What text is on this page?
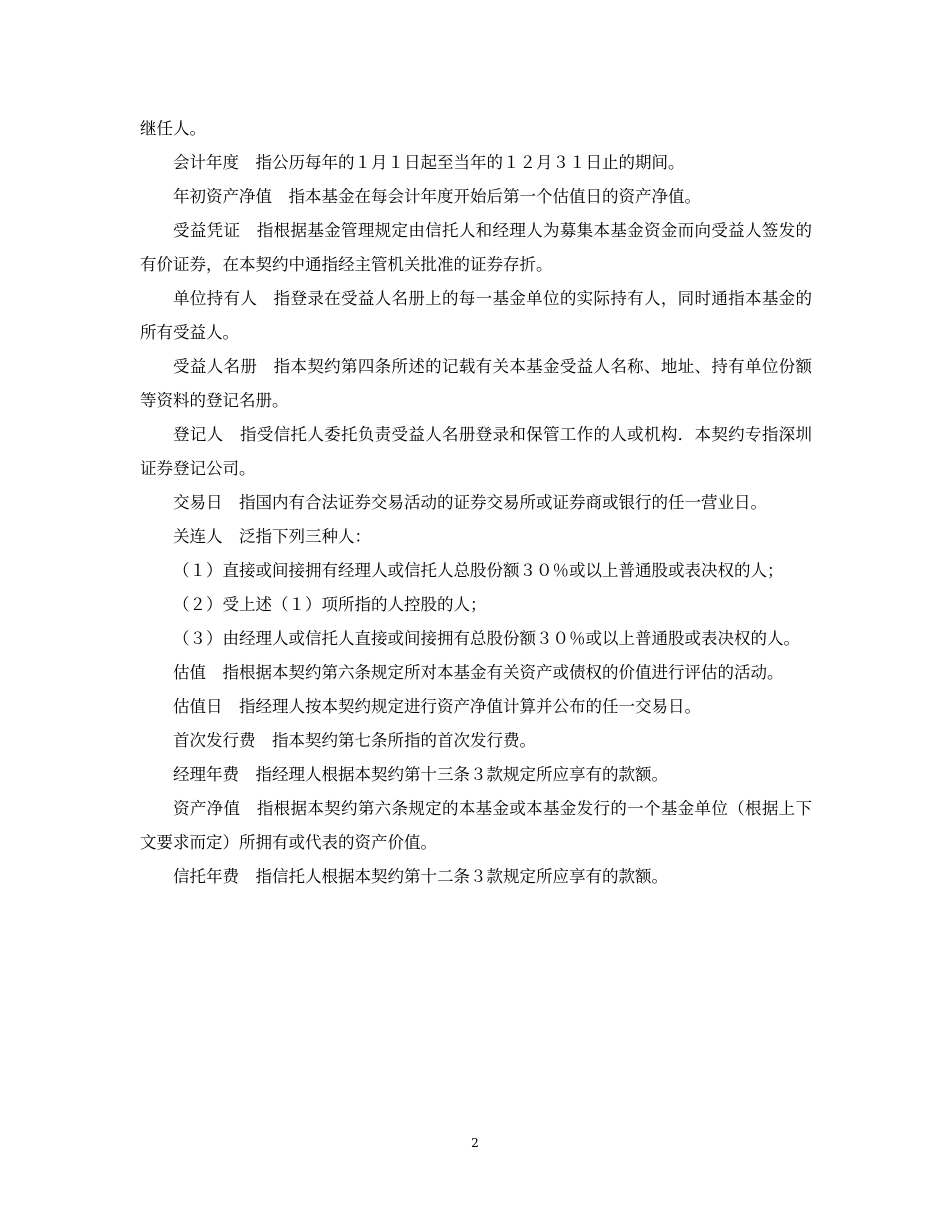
继任人。

会计年度 指公历每年的１月１日起至当年的１２月３１日止的期间。

年初资产净值 指本基金在每会计年度开始后第一个估值日的资产净值。

受益凭证 指根据基金管理规定由信托人和经理人为募集本基金资金而向受益人签发的有价证券，在本契约中通指经主管机关批准的证券存折。

单位持有人 指登录在受益人名册上的每一基金单位的实际持有人，同时通指本基金的所有受益人。

受益人名册 指本契约第四条所述的记载有关本基金受益人名称、地址、持有单位份额等资料的登记名册。

登记人 指受信托人委托负责受益人名册登录和保管工作的人或机构．本契约专指深圳证券登记公司。

交易日 指国内有合法证券交易活动的证券交易所或证券商或银行的任一营业日。

关连人 泛指下列三种人：

（１）直接或间接拥有经理人或信托人总股份额３０％或以上普通股或表决权的人；

（２）受上述（１）项所指的人控股的人；

（３）由经理人或信托人直接或间接拥有总股份额３０％或以上普通股或表决权的人。

估值 指根据本契约第六条规定所对本基金有关资产或债权的价值进行评估的活动。

估值日 指经理人按本契约规定进行资产净值计算并公布的任一交易日。

首次发行费 指本契约第七条所指的首次发行费。

经理年费 指经理人根据本契约第十三条３款规定所应享有的款额。

资产净值 指根据本契约第六条规定的本基金或本基金发行的一个基金单位（根据上下文要求而定）所拥有或代表的资产价值。

信托年费 指信托人根据本契约第十二条３款规定所应享有的款额。

2
